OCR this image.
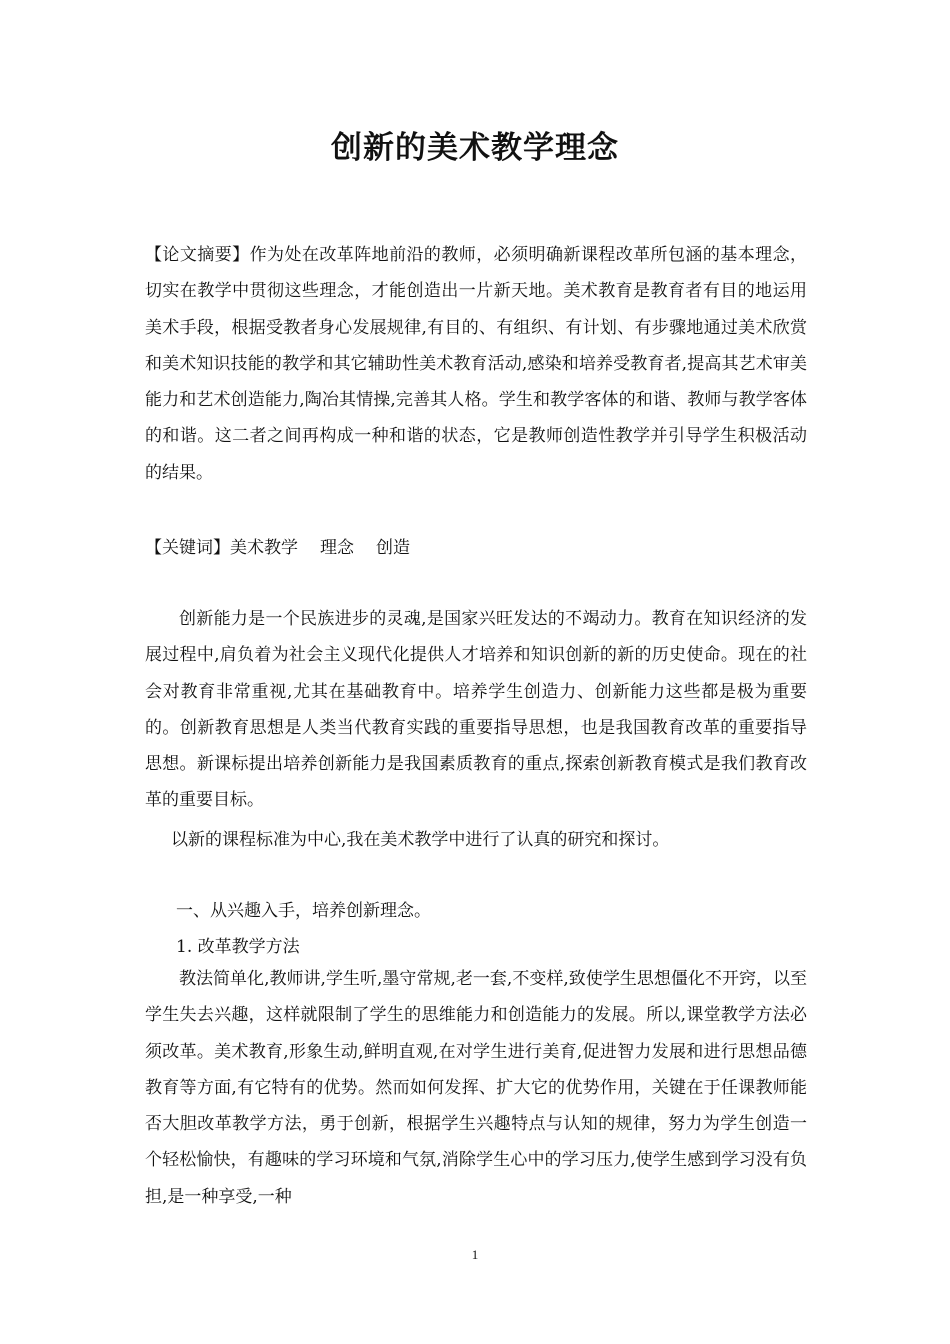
创新的美术教学理念

【论文摘要】作为处在改革阵地前沿的教师，必须明确新课程改革所包涵的基本理念，切实在教学中贯彻这些理念，才能创造出一片新天地。美术教育是教育者有目的地运用美术手段，根据受教者身心发展规律,有目的、有组织、有计划、有步骤地通过美术欣赏和美术知识技能的教学和其它辅助性美术教育活动,感染和培养受教育者,提高其艺术审美能力和艺术创造能力,陶冶其情操,完善其人格。学生和教学客体的和谐、教师与教学客体的和谐。这二者之间再构成一种和谐的状态，它是教师创造性教学并引导学生积极活动的结果。

【关键词】美术教学 理念 创造

创新能力是一个民族进步的灵魂,是国家兴旺发达的不竭动力。教育在知识经济的发展过程中,肩负着为社会主义现代化提供人才培养和知识创新的新的历史使命。现在的社会对教育非常重视,尤其在基础教育中。培养学生创造力、创新能力这些都是极为重要的。创新教育思想是人类当代教育实践的重要指导思想，也是我国教育改革的重要指导思想。新课标提出培养创新能力是我国素质教育的重点,探索创新教育模式是我们教育改革的重要目标。

以新的课程标准为中心,我在美术教学中进行了认真的研究和探讨。

一、从兴趣入手，培养创新理念。
1. 改革教学方法

教法简单化,教师讲,学生听,墨守常规,老一套,不变样,致使学生思想僵化不开窍，以至学生失去兴趣，这样就限制了学生的思维能力和创造能力的发展。所以,课堂教学方法必须改革。美术教育,形象生动,鲜明直观,在对学生进行美育,促进智力发展和进行思想品德教育等方面,有它特有的优势。然而如何发挥、扩大它的优势作用，关键在于任课教师能否大胆改革教学方法，勇于创新，根据学生兴趣特点与认知的规律，努力为学生创造一个轻松愉快，有趣味的学习环境和气氛,消除学生心中的学习压力,使学生感到学习没有负担,是一种享受,一种

1
